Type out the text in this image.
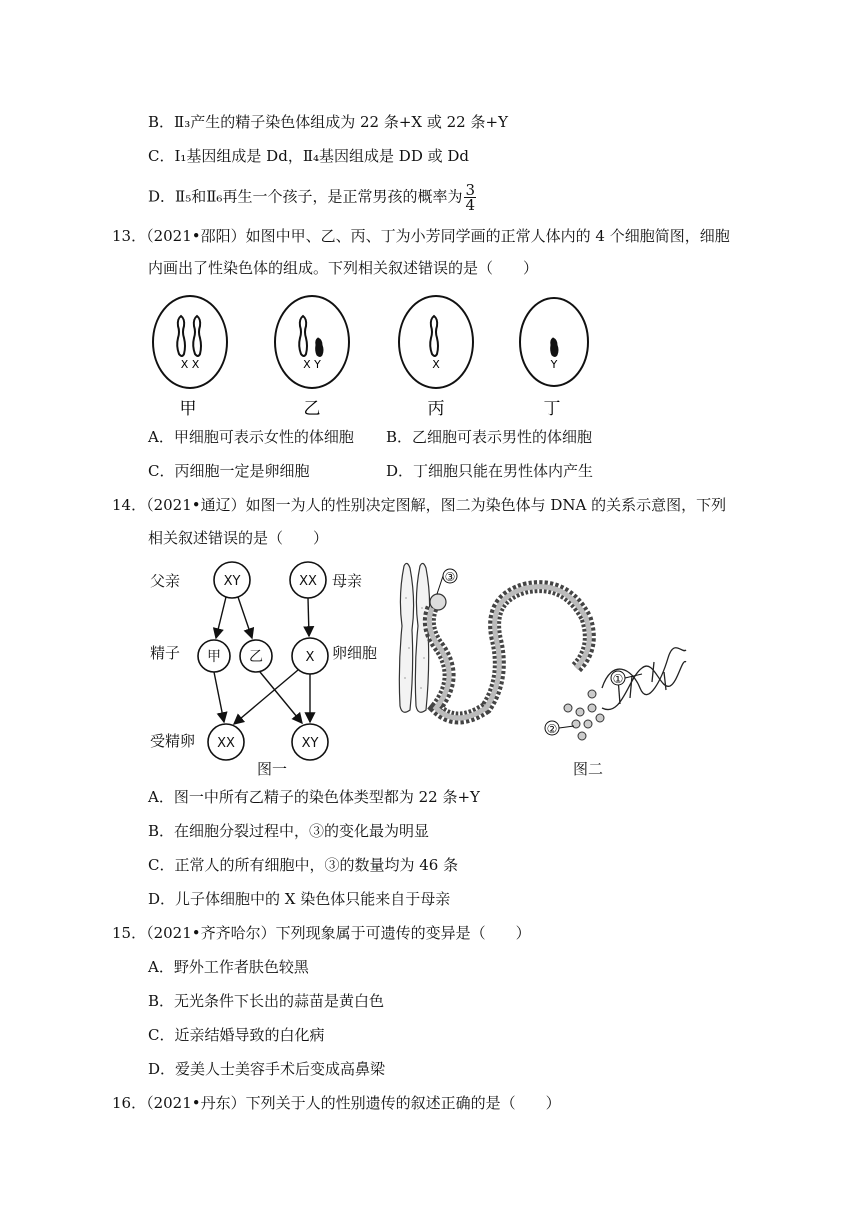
B．Ⅱ₃产生的精子染色体组成为 22 条+X 或 22 条+Y
C．Ⅰ₁基因组成是 Dd，Ⅱ₄基因组成是 DD 或 Dd
D．Ⅱ₅和Ⅱ₆再生一个孩子，是正常男孩的概率为 $\frac{3}{4}$
13．（2021•邵阳）如图中甲、乙、丙、丁为小芳同学画的正常人体内的 4 个细胞简图，细胞
内画出了性染色体的组成。下列相关叙述错误的是（　　）
X X	X Y	X	Y
甲	乙	丙	丁
A．甲细胞可表示女性的体细胞 B．乙细胞可表示男性的体细胞
C．丙细胞一定是卵细胞	D．丁细胞只能在男性体内产生
14．（2021•通辽）如图一为人的性别决定图解，图二为染色体与 DNA 的关系示意图，下列
相关叙述错误的是（　　）
父亲	母亲
精子	卵细胞
受精卵
XY	XX
甲 乙	X
XX	XY
图一
③
①
②
图二
A．图一中所有乙精子的染色体类型都为 22 条+Y
B．在细胞分裂过程中，③的变化最为明显
C．正常人的所有细胞中，③的数量均为 46 条
D．儿子体细胞中的 X 染色体只能来自于母亲
15．（2021•齐齐哈尔）下列现象属于可遗传的变异是（　　）
A．野外工作者肤色较黑
B．无光条件下长出的蒜苗是黄白色
C．近亲结婚导致的白化病
D．爱美人士美容手术后变成高鼻梁
16．（2021•丹东）下列关于人的性别遗传的叙述正确的是（　　）
